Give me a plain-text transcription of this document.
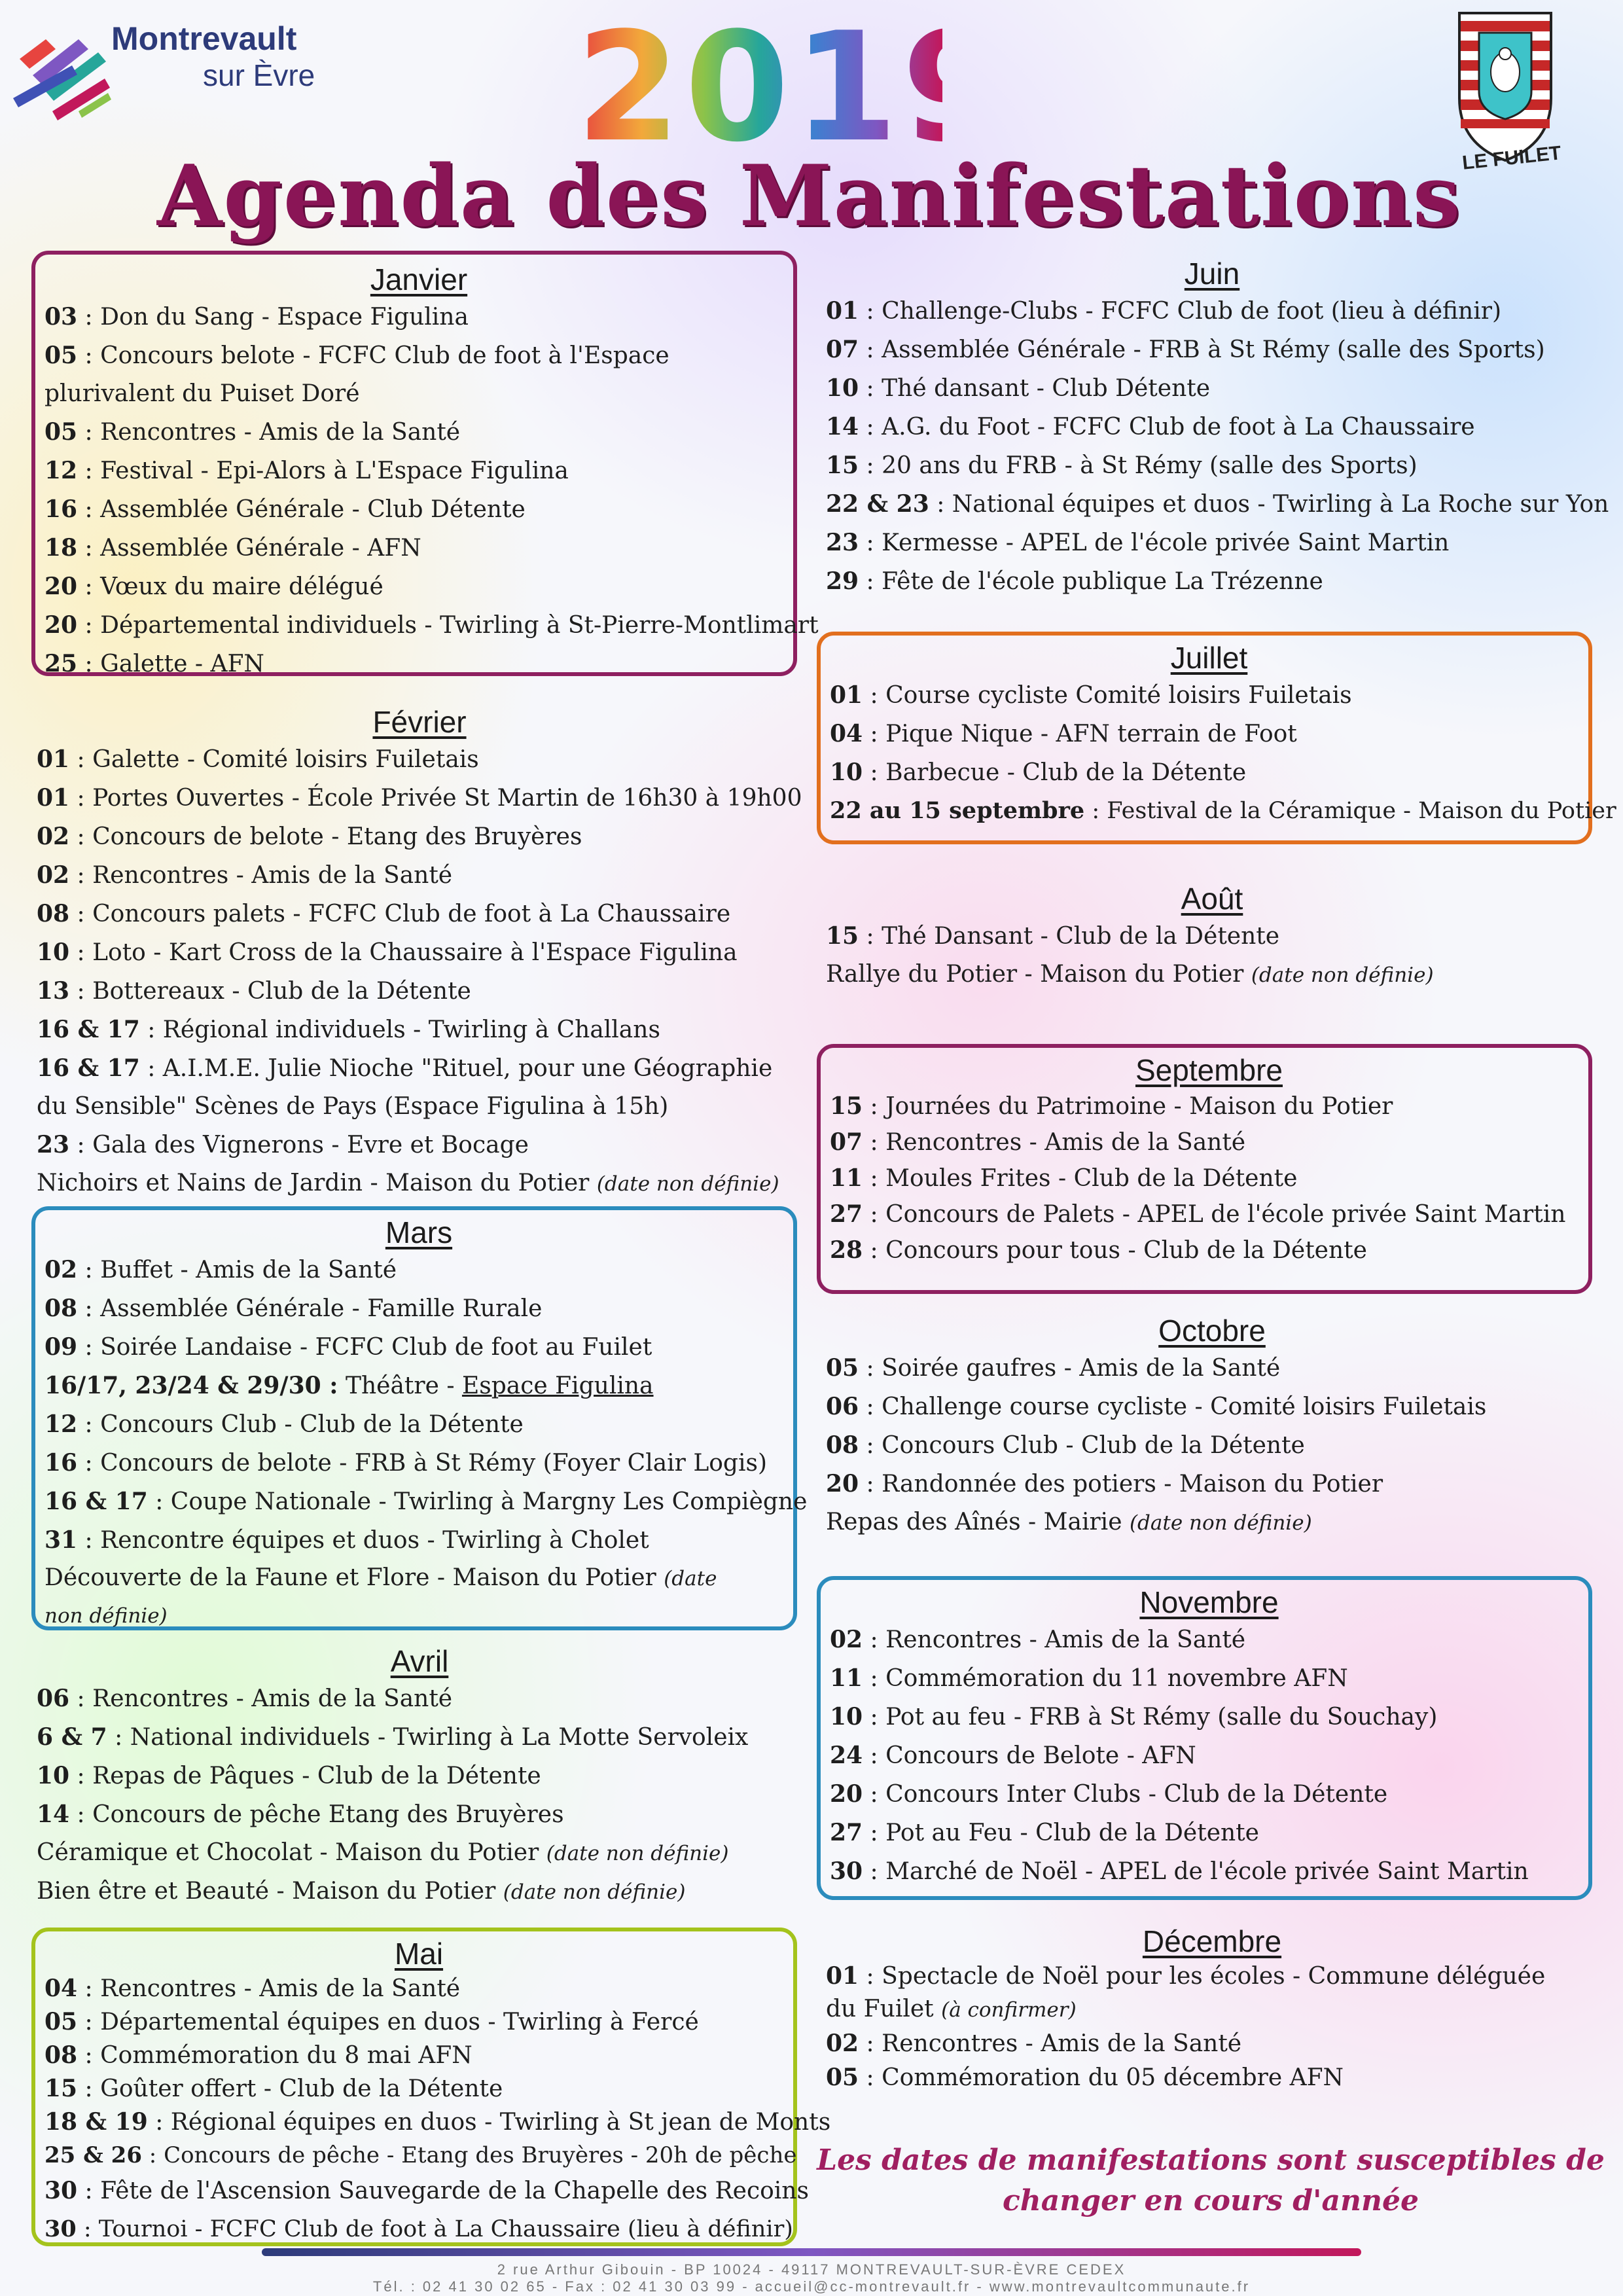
Montrevault
sur Èvre 2019
Agenda des Manifestations LE FUILET
Janvier
03 : Don du Sang - Espace Figulina
05 : Concours belote - FCFC Club de foot à l'Espace plurivalent du Puiset Doré
05 : Rencontres - Amis de la Santé
12 : Festival - Epi-Alors à L'Espace Figulina
16 : Assemblée Générale - Club Détente
18 : Assemblée Générale - AFN
20 : Vœux du maire délégué
20 : Départemental individuels - Twirling à St-Pierre-Montlimart
25 : Galette - AFN
Février
01 : Galette - Comité loisirs Fuiletais
01 : Portes Ouvertes - École Privée St Martin de 16h30 à 19h00
02 : Concours de belote - Etang des Bruyères
02 : Rencontres - Amis de la Santé
08 : Concours palets - FCFC Club de foot à La Chaussaire
10 : Loto - Kart Cross de la Chaussaire à l'Espace Figulina
13 : Bottereaux - Club de la Détente
16 & 17 : Régional individuels - Twirling à Challans
16 & 17 : A.I.M.E. Julie Nioche "Rituel, pour une Géographie du Sensible" Scènes de Pays (Espace Figulina à 15h)
23 : Gala des Vignerons - Evre et Bocage
Nichoirs et Nains de Jardin - Maison du Potier (date non définie)
Mars
02 : Buffet - Amis de la Santé
08 : Assemblée Générale - Famille Rurale
09 : Soirée Landaise - FCFC Club de foot au Fuilet
16/17, 23/24 & 29/30 : Théâtre - Espace Figulina
12 : Concours Club - Club de la Détente
16 : Concours de belote - FRB à St Rémy (Foyer Clair Logis)
16 & 17 : Coupe Nationale - Twirling à Margny Les Compiègne
31 : Rencontre équipes et duos - Twirling à Cholet
Découverte de la Faune et Flore - Maison du Potier (date non définie)
Avril
06 : Rencontres - Amis de la Santé
6 & 7 : National individuels - Twirling à La Motte Servoleix
10 : Repas de Pâques - Club de la Détente
14 : Concours de pêche Etang des Bruyères
Céramique et Chocolat - Maison du Potier (date non définie)
Bien être et Beauté - Maison du Potier (date non définie)
Mai
04 : Rencontres - Amis de la Santé
05 : Départemental équipes en duos - Twirling à Fercé
08 : Commémoration du 8 mai AFN
15 : Goûter offert - Club de la Détente
18 & 19 : Régional équipes en duos - Twirling à St jean de Monts
25 & 26 : Concours de pêche - Etang des Bruyères - 20h de pêche
30 : Fête de l'Ascension Sauvegarde de la Chapelle des Recoins
30 : Tournoi - FCFC Club de foot à La Chaussaire (lieu à définir)
Juin
01 : Challenge-Clubs - FCFC Club de foot (lieu à définir)
07 : Assemblée Générale - FRB à St Rémy (salle des Sports)
10 : Thé dansant - Club Détente
14 : A.G. du Foot - FCFC Club de foot à La Chaussaire
15 : 20 ans du FRB - à St Rémy (salle des Sports)
22 & 23 : National équipes et duos - Twirling à La Roche sur Yon
23 : Kermesse - APEL de l'école privée Saint Martin
29 : Fête de l'école publique La Trézenne
Juillet
01 : Course cycliste Comité loisirs Fuiletais
04 : Pique Nique - AFN terrain de Foot
10 : Barbecue - Club de la Détente
22 au 15 septembre : Festival de la Céramique - Maison du Potier
Août
15 : Thé Dansant - Club de la Détente
Rallye du Potier - Maison du Potier (date non définie)
Septembre
15 : Journées du Patrimoine - Maison du Potier
07 : Rencontres - Amis de la Santé
11 : Moules Frites - Club de la Détente
27 : Concours de Palets - APEL de l'école privée Saint Martin
28 : Concours pour tous - Club de la Détente
Octobre
05 : Soirée gaufres - Amis de la Santé
06 : Challenge course cycliste - Comité loisirs Fuiletais
08 : Concours Club - Club de la Détente
20 : Randonnée des potiers - Maison du Potier
Repas des Aînés - Mairie (date non définie)
Novembre
02 : Rencontres - Amis de la Santé
11 : Commémoration du 11 novembre AFN
10 : Pot au feu - FRB à St Rémy (salle du Souchay)
24 : Concours de Belote - AFN
20 : Concours Inter Clubs - Club de la Détente
27 : Pot au Feu - Club de la Détente
30 : Marché de Noël - APEL de l'école privée Saint Martin
Décembre
01 : Spectacle de Noël pour les écoles - Commune déléguée du Fuilet (à confirmer)
02 : Rencontres - Amis de la Santé
05 : Commémoration du 05 décembre AFN
Les dates de manifestations sont susceptibles de changer en cours d'année
2 rue Arthur Gibouin - BP 10024 - 49117 MONTREVAULT-SUR-ÈVRE CEDEX
Tél. : 02 41 30 02 65 - Fax : 02 41 30 03 99 - accueil@cc-montrevault.fr - www.montrevaultcommunaute.fr
